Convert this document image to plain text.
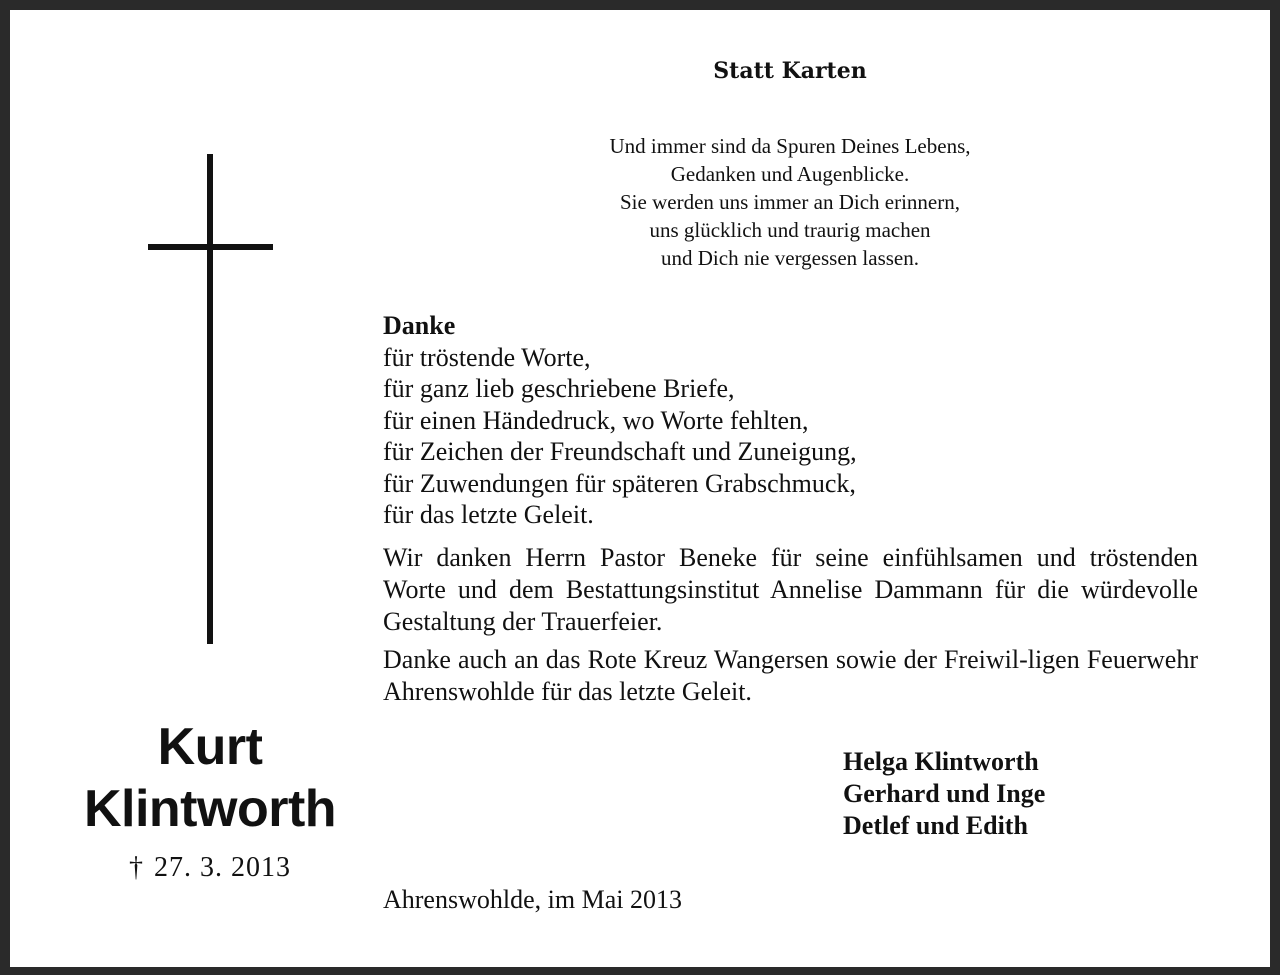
Kurt
Klintworth
† 27. 3. 2013
Statt Karten
Und immer sind da Spuren Deines Lebens,
Gedanken und Augenblicke.
Sie werden uns immer an Dich erinnern,
uns glücklich und traurig machen
und Dich nie vergessen lassen.
Danke
für tröstende Worte,
für ganz lieb geschriebene Briefe,
für einen Händedruck, wo Worte fehlten,
für Zeichen der Freundschaft und Zuneigung,
für Zuwendungen für späteren Grabschmuck,
für das letzte Geleit.
Wir danken Herrn Pastor Beneke für seine einfühlsamen und tröstenden Worte und dem Bestattungsinstitut Annelise Dammann für die würdevolle Gestaltung der Trauerfeier.
Danke auch an das Rote Kreuz Wangersen sowie der Freiwil-ligen Feuerwehr Ahrenswohlde für das letzte Geleit.
Helga Klintworth
Gerhard und Inge
Detlef und Edith
Ahrenswohlde, im Mai 2013
